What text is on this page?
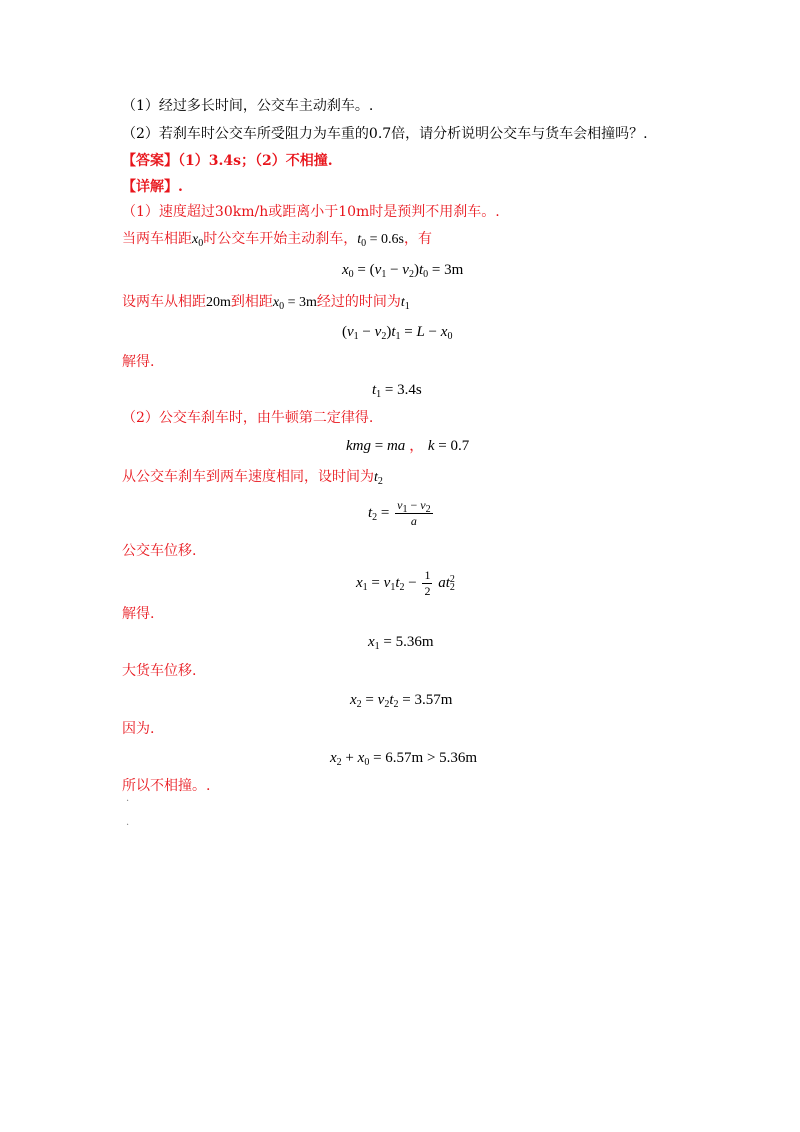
（1）经过多长时间，公交车主动刹车。.
（2）若刹车时公交车所受阻力为车重的0.7倍，请分析说明公交车与货车会相撞吗？.
【答案】（1）3.4s；（2）不相撞.
【详解】.
（1）速度超过30km/h或距离小于10m时是预判不用刹车。.
当两车相距$x_0$时公交车开始主动刹车，$t_0 = 0.6s$，有
$x_0 = (v_1 - v_2)t_0 = 3m$
设两车从相距20m到相距$x_0 = 3m$经过的时间为$t_1$
$(v_1 - v_2)t_1 = L - x_0$
解得.
$t_1 = 3.4s$
（2）公交车刹车时，由牛顿第二定律得.
kmg = ma ， k = 0.7
从公交车刹车到两车速度相同，设时间为$t_2$
$t_2 = \frac{v_1 - v_2}{a}$
公交车位移.
$x_1 = v_1t_2 - \frac{1}{2} at_2^2$
解得.
$x_1 = 5.36m$
大货车位移.
$x_2 = v_2t_2 = 3.57m$
因为.
$x_2 + x_0 = 6.57m > 5.36m$
所以不相撞。.
·
·
